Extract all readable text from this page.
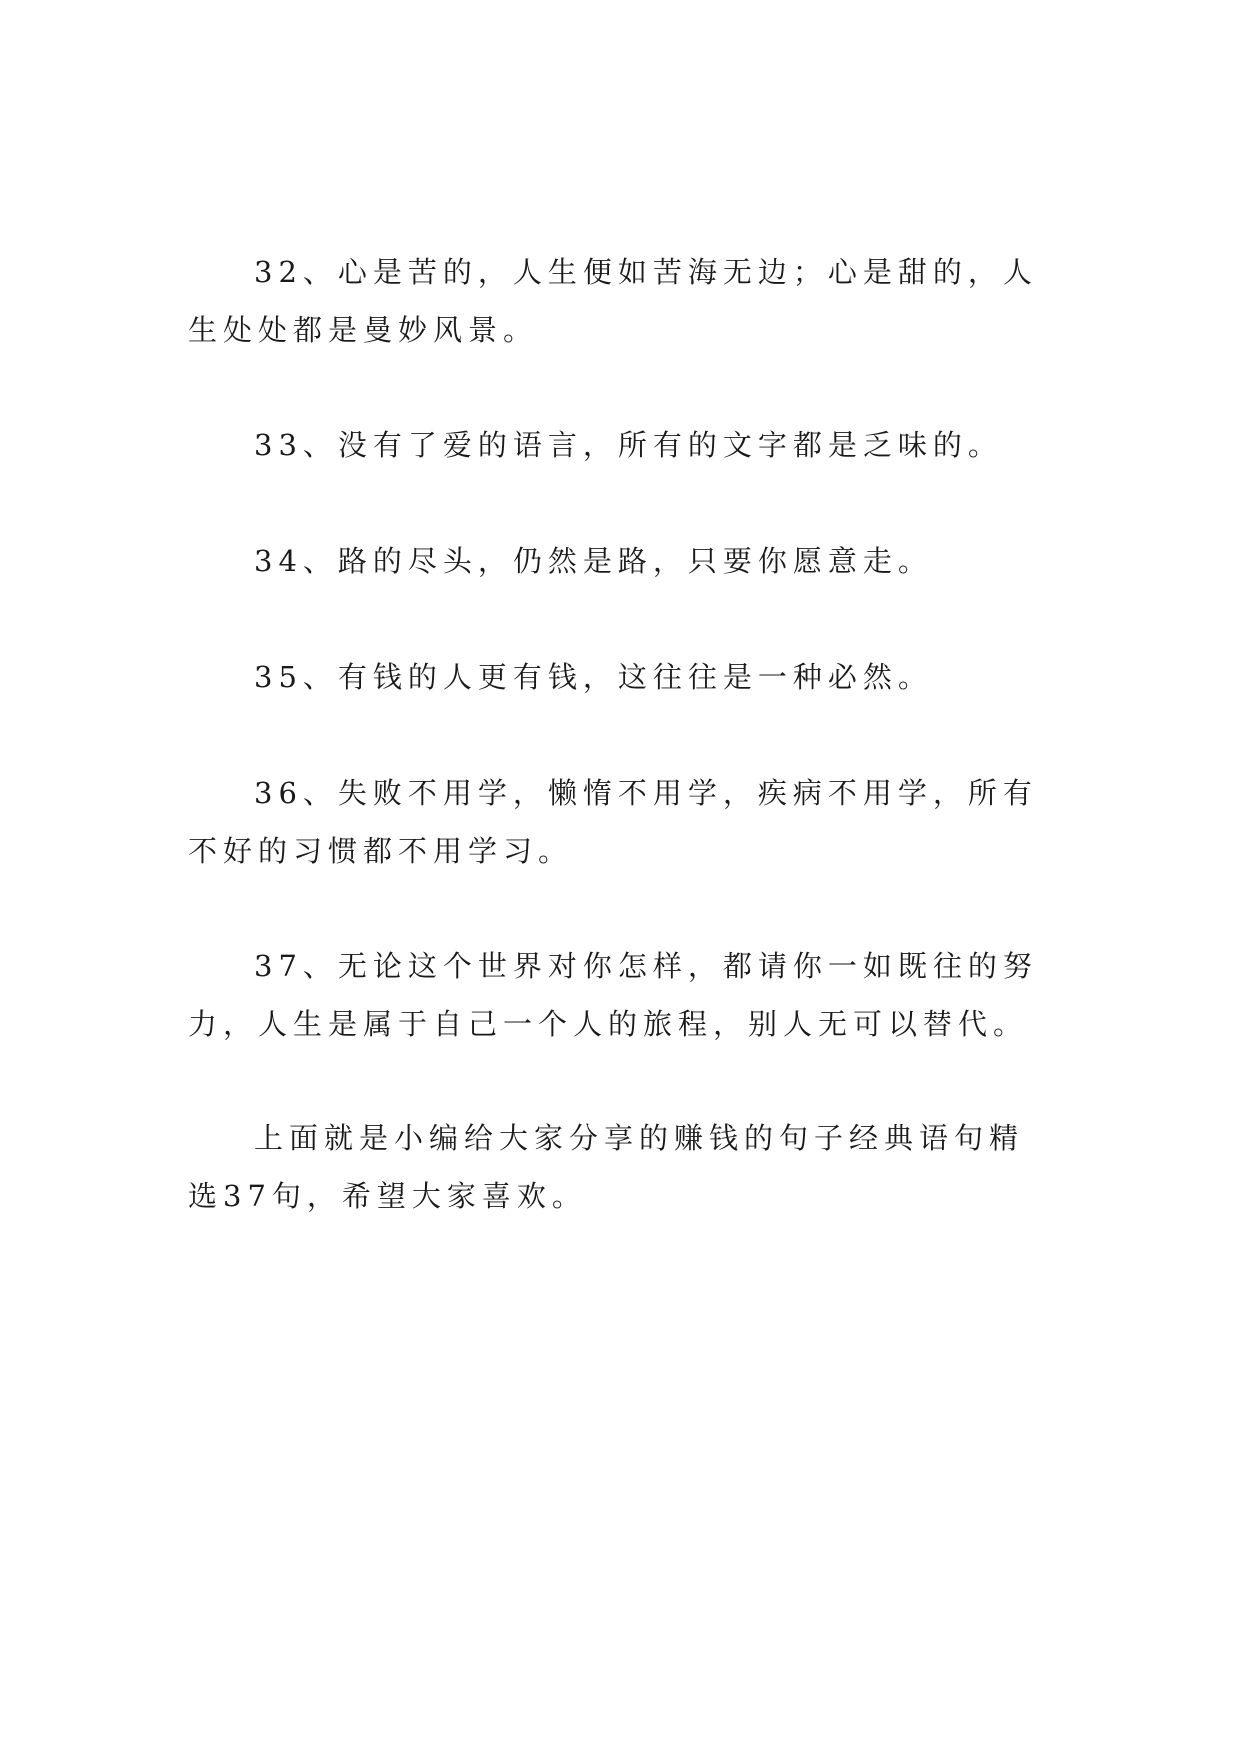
32、心是苦的，人生便如苦海无边；心是甜的，人生处处都是曼妙风景。

33、没有了爱的语言，所有的文字都是乏味的。

34、路的尽头，仍然是路，只要你愿意走。

35、有钱的人更有钱，这往往是一种必然。

36、失败不用学，懒惰不用学，疾病不用学，所有不好的习惯都不用学习。

37、无论这个世界对你怎样，都请你一如既往的努力，人生是属于自己一个人的旅程，别人无可以替代。

上面就是小编给大家分享的赚钱的句子经典语句精选37句，希望大家喜欢。
